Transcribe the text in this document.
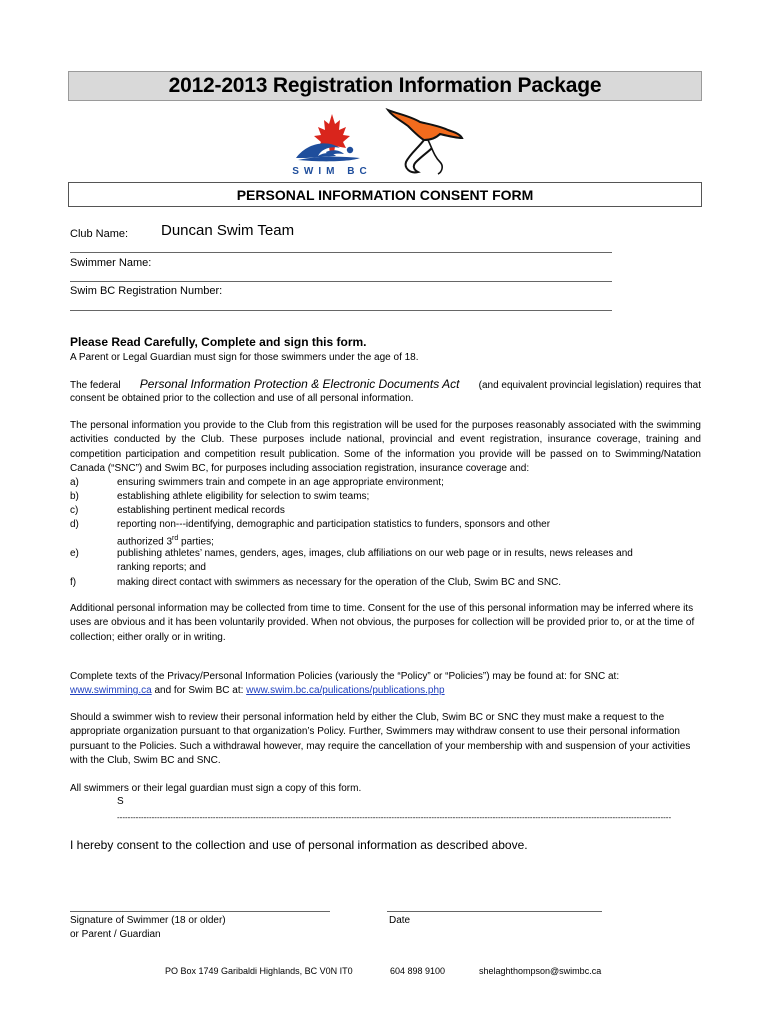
2012-2013 Registration Information Package
SWIM BC
PERSONAL INFORMATION CONSENT FORM
Club Name: Duncan Swim Team
Swimmer Name:
Swim BC Registration Number:
Please Read Carefully, Complete and sign this form.
A Parent or Legal Guardian must sign for those swimmers under the age of 18.
The federal Personal Information Protection & Electronic Documents Act (and equivalent provincial legislation) requires that
consent be obtained prior to the collection and use of all personal information.
The personal information you provide to the Club from this registration will be used for the purposes reasonably associated with the swimming activities conducted by the Club. These purposes include national, provincial and event registration, insurance coverage, training and competition participation and competition result publication. Some of the information you provide will be passed on to Swimming/Natation Canada (“SNC”) and Swim BC, for purposes including association registration, insurance coverage and:
a)	ensuring swimmers train and compete in an age appropriate environment;
b)	establishing athlete eligibility for selection to swim teams;
c)	establishing pertinent medical records
d)	reporting non---identifying, demographic and participation statistics to funders, sponsors and other
authorized 3rd parties;
e)	publishing athletes’ names, genders, ages, images, club affiliations on our web page or in results, news releases and
ranking reports; and
f)	making direct contact with swimmers as necessary for the operation of the Club, Swim BC and SNC.
Additional personal information may be collected from time to time. Consent for the use of this personal information may be inferred where its uses are obvious and it has been voluntarily provided. When not obvious, the purposes for collection will be provided prior to, or at the time of collection; either orally or in writing.
Complete texts of the Privacy/Personal Information Policies (variously the “Policy” or “Policies”) may be found at: for SNC at:
www.swimming.ca and for Swim BC at: www.swim.bc.ca/pulications/publications.php
Should a swimmer wish to review their personal information held by either the Club, Swim BC or SNC they must make a request to the appropriate organization pursuant to that organization’s Policy. Further, Swimmers may withdraw consent to use their personal information pursuant to the Policies. Such a withdrawal however, may require the cancellation of your membership with and suspension of your activities with the Club, Swim BC and SNC.
All swimmers or their legal guardian must sign a copy of this form.
S
----------------------------------------------------------------------------------------------------------------------------------------------------------------------------------------------------------------
I hereby consent to the collection and use of personal information as described above.
Signature of Swimmer (18 or older)
or Parent / Guardian
Date
PO Box 1749 Garibaldi Highlands, BC V0N IT0	604 898 9100	shelaghthompson@swimbc.ca
